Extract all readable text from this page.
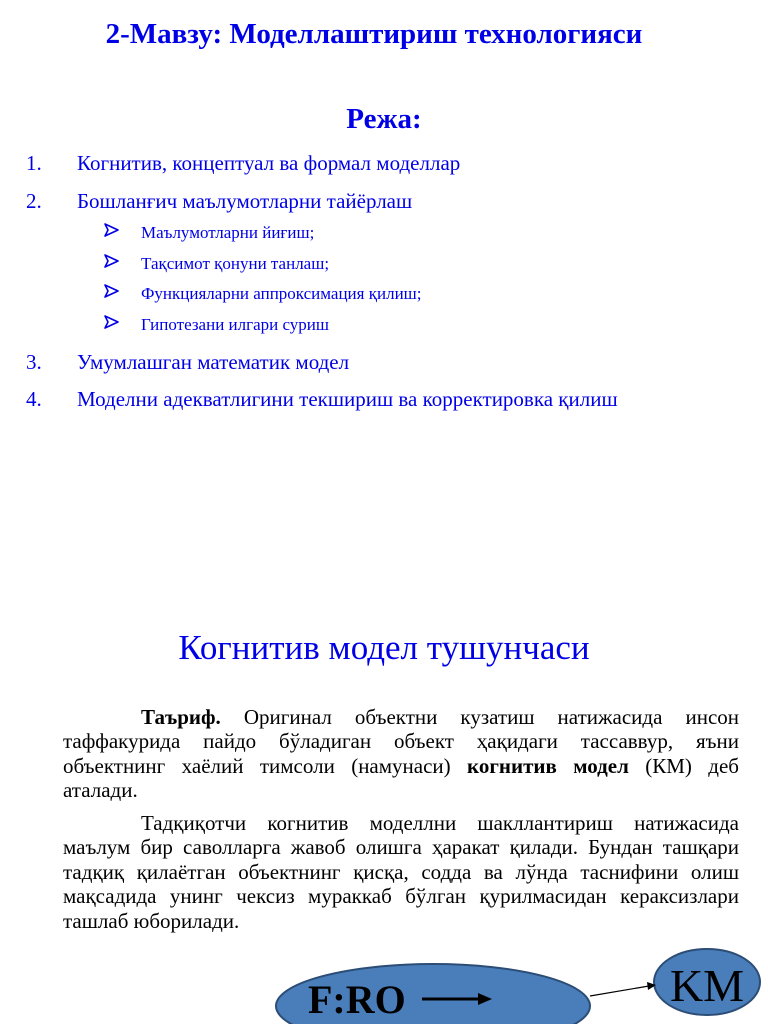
2-Мавзу: Моделлаштириш технологияси
Режа:
1.	Когнитив, концептуал ва формал моделлар
2.	Бошланғич маълумотларни тайёрлаш
Маълумотларни йиғиш;
Тақсимот қонуни танлаш;
Функцияларни аппроксимация қилиш;
Гипотезани илгари суриш
3.	Умумлашган математик модел
4.	Моделни адекватлигини текшириш ва корректировка қилиш
Когнитив модел тушунчаси
Таъриф. Оригинал объектни кузатиш натижасида инсон таффакурида пайдо бўладиган объект ҳақидаги тассаввур, яъни объектнинг хаёлий тимсоли (намунаси) когнитив модел (КМ) деб аталади.
Тадқиқотчи когнитив моделлни шакллантириш натижасида маълум бир саволларга жавоб олишга ҳаракат қилади. Бундан ташқари тадқиқ қилаётган объектнинг қисқа, содда ва лўнда таснифини олиш мақсадида унинг чексиз мураккаб бўлган қурилмасидан кераксизлари ташлаб юборилади.
F:RO	KM
